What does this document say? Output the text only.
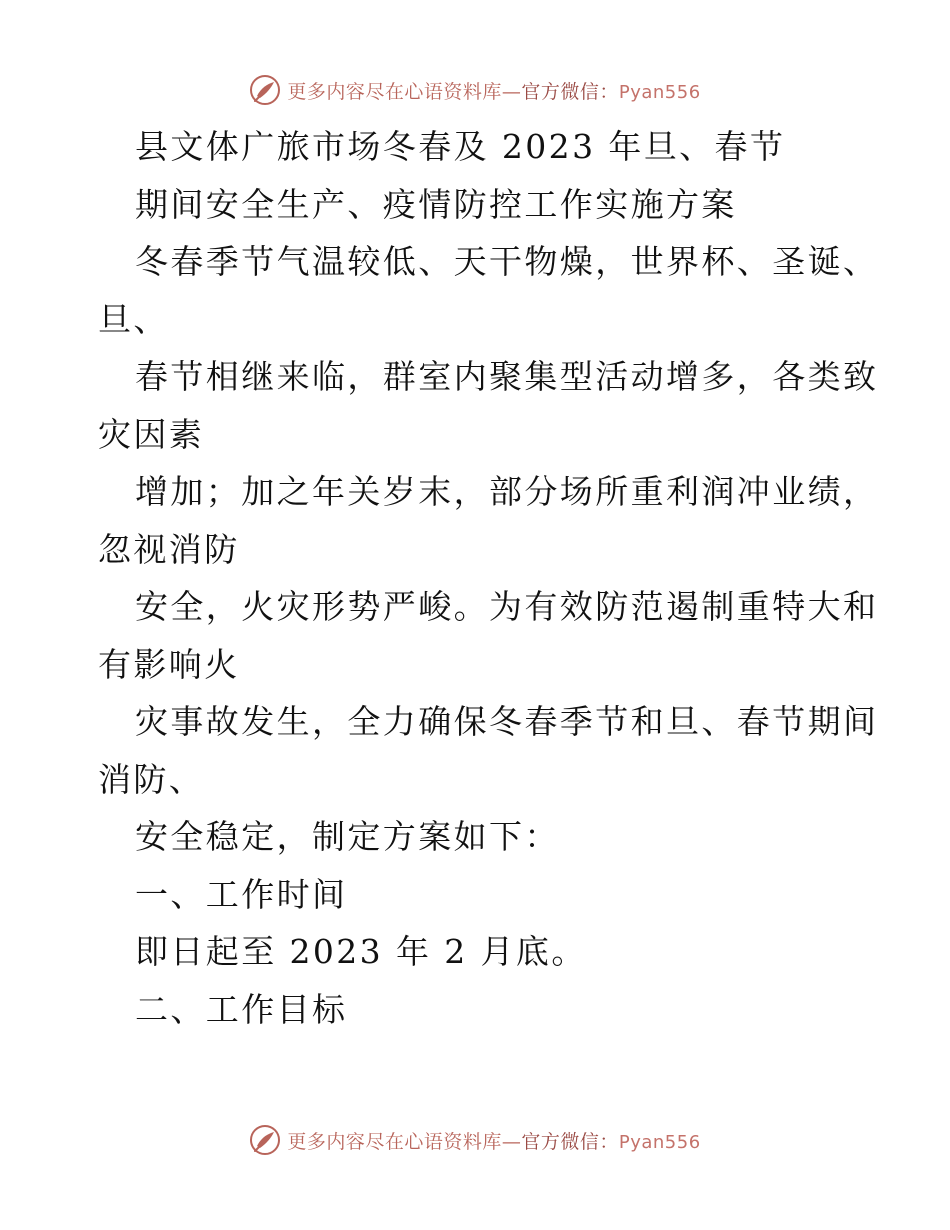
更多内容尽在心语资料库—官方微信：Pyan556
县文体广旅市场冬春及 2023 年旦、春节
期间安全生产、疫情防控工作实施方案
冬春季节气温较低、天干物燥，世界杯、圣诞、
旦、
春节相继来临，群室内聚集型活动增多，各类致
灾因素
增加；加之年关岁末，部分场所重利润冲业绩，
忽视消防
安全，火灾形势严峻。为有效防范遏制重特大和
有影响火
灾事故发生，全力确保冬春季节和旦、春节期间
消防、
安全稳定，制定方案如下：
一、工作时间
即日起至 2023 年 2 月底。
二、工作目标
更多内容尽在心语资料库—官方微信：Pyan556
